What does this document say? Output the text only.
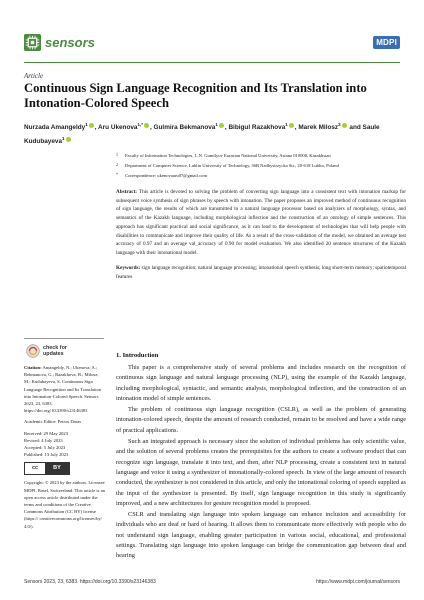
sensors	MDPI
Article
Continuous Sign Language Recognition and Its Translation into Intonation-Colored Speech
Nurzada Amangeldy$^1$ , Aru Ukenova$^{1,*}$ , Gulmira Bekmanova$^1$ , Bibigul Razakhova$^1$ , Marek Milosz$^2$ and Saule Kudubayeva$^1$
1 Faculty of Information Technologies, L.N. Gumilyov Eurasian National University, Astana 010000, Kazakhstan
2 Department of Computer Science, Lublin University of Technology, 36B Nadbystrzycka Str., 20-618 Lublin, Poland
* Correspondence: ukenovaaru07@gmail.com
Abstract: This article is devoted to solving the problem of converting sign language into a consistent text with intonation markup for subsequent voice synthesis of sign phrases by speech with intonation. The paper proposes an improved method of continuous recognition of sign language, the results of which are transmitted to a natural language processor based on analyzers of morphology, syntax, and semantics of the Kazakh language, including morphological inflection and the construction of an ontology of simple sentences. This approach has significant practical and social significance, as it can lead to the development of technologies that will help people with disabilities to communicate and improve their quality of life. As a result of the cross-validation of the model, we obtained an average test accuracy of 0.97 and an average val_accuracy of 0.90 for model evaluation. We also identified 20 sentence structures of the Kazakh language with their intonational model.
Keywords: sign language recognition; natural language processing; intonational speech synthesis; long short-term memory; spatiotemporal features
check for
updates
Citation: Amangeldy, N.; Ukenova, A.; Bekmanova, G.; Razakhova, B.; Milosz, M.; Kudubayeva, S. Continuous Sign Language Recognition and Its Translation into Intonation-Colored Speech. Sensors 2023, 23, 6383. https://doi.org/10.3390/s23146383
Academic Editor: Petros Daras
Received: 29 May 2023
Revised: 4 July 2023
Accepted: 5 July 2023
Published: 13 July 2023
cc	BY
Copyright: © 2023 by the authors. Licensee MDPI, Basel, Switzerland. This article is an open access article distributed under the terms and conditions of the Creative Commons Attribution (CC BY) license (https:// creativecommons.org/licenses/by/ 4.0/).
1. Introduction

This paper is a comprehensive study of several problems and includes research on the recognition of continuous sign language and natural language processing (NLP), using the example of the Kazakh language, including morphological, syntactic, and semantic analysis, morphological inflection, and the construction of an intonation model of simple sentences.

The problem of continuous sign language recognition (CSLR), as well as the problem of generating intonation-colored speech, despite the amount of research conducted, remain to be resolved and have a wide range of practical applications.

Such an integrated approach is necessary since the solution of individual problems has only scientific value, and the solution of several problems creates the prerequisites for the authors to create a software product that can recognize sign language, translate it into text, and then, after NLP processing, create a consistent text in natural language and voice it using a synthesizer of intonationally-colored speech. In view of the large amount of research conducted, the synthesizer is not considered in this article, and only the intonational coloring of speech supplied as the input of the synthesizer is presented. By itself, sign language recognition in this study is significantly improved, and a new architectures for gesture recognition model is proposed.

CSLR and translating sign language into spoken language can enhance inclusion and accessibility for individuals who are deaf or hard of hearing. It allows them to communicate more effectively with people who do not understand sign language, enabling greater participation in various social, educational, and professional settings. Translating sign language into spoken language can bridge the communication gap between deaf and hearing

Sensors 2023, 23, 6383. https://doi.org/10.3390/s23146383	https://www.mdpi.com/journal/sensors
